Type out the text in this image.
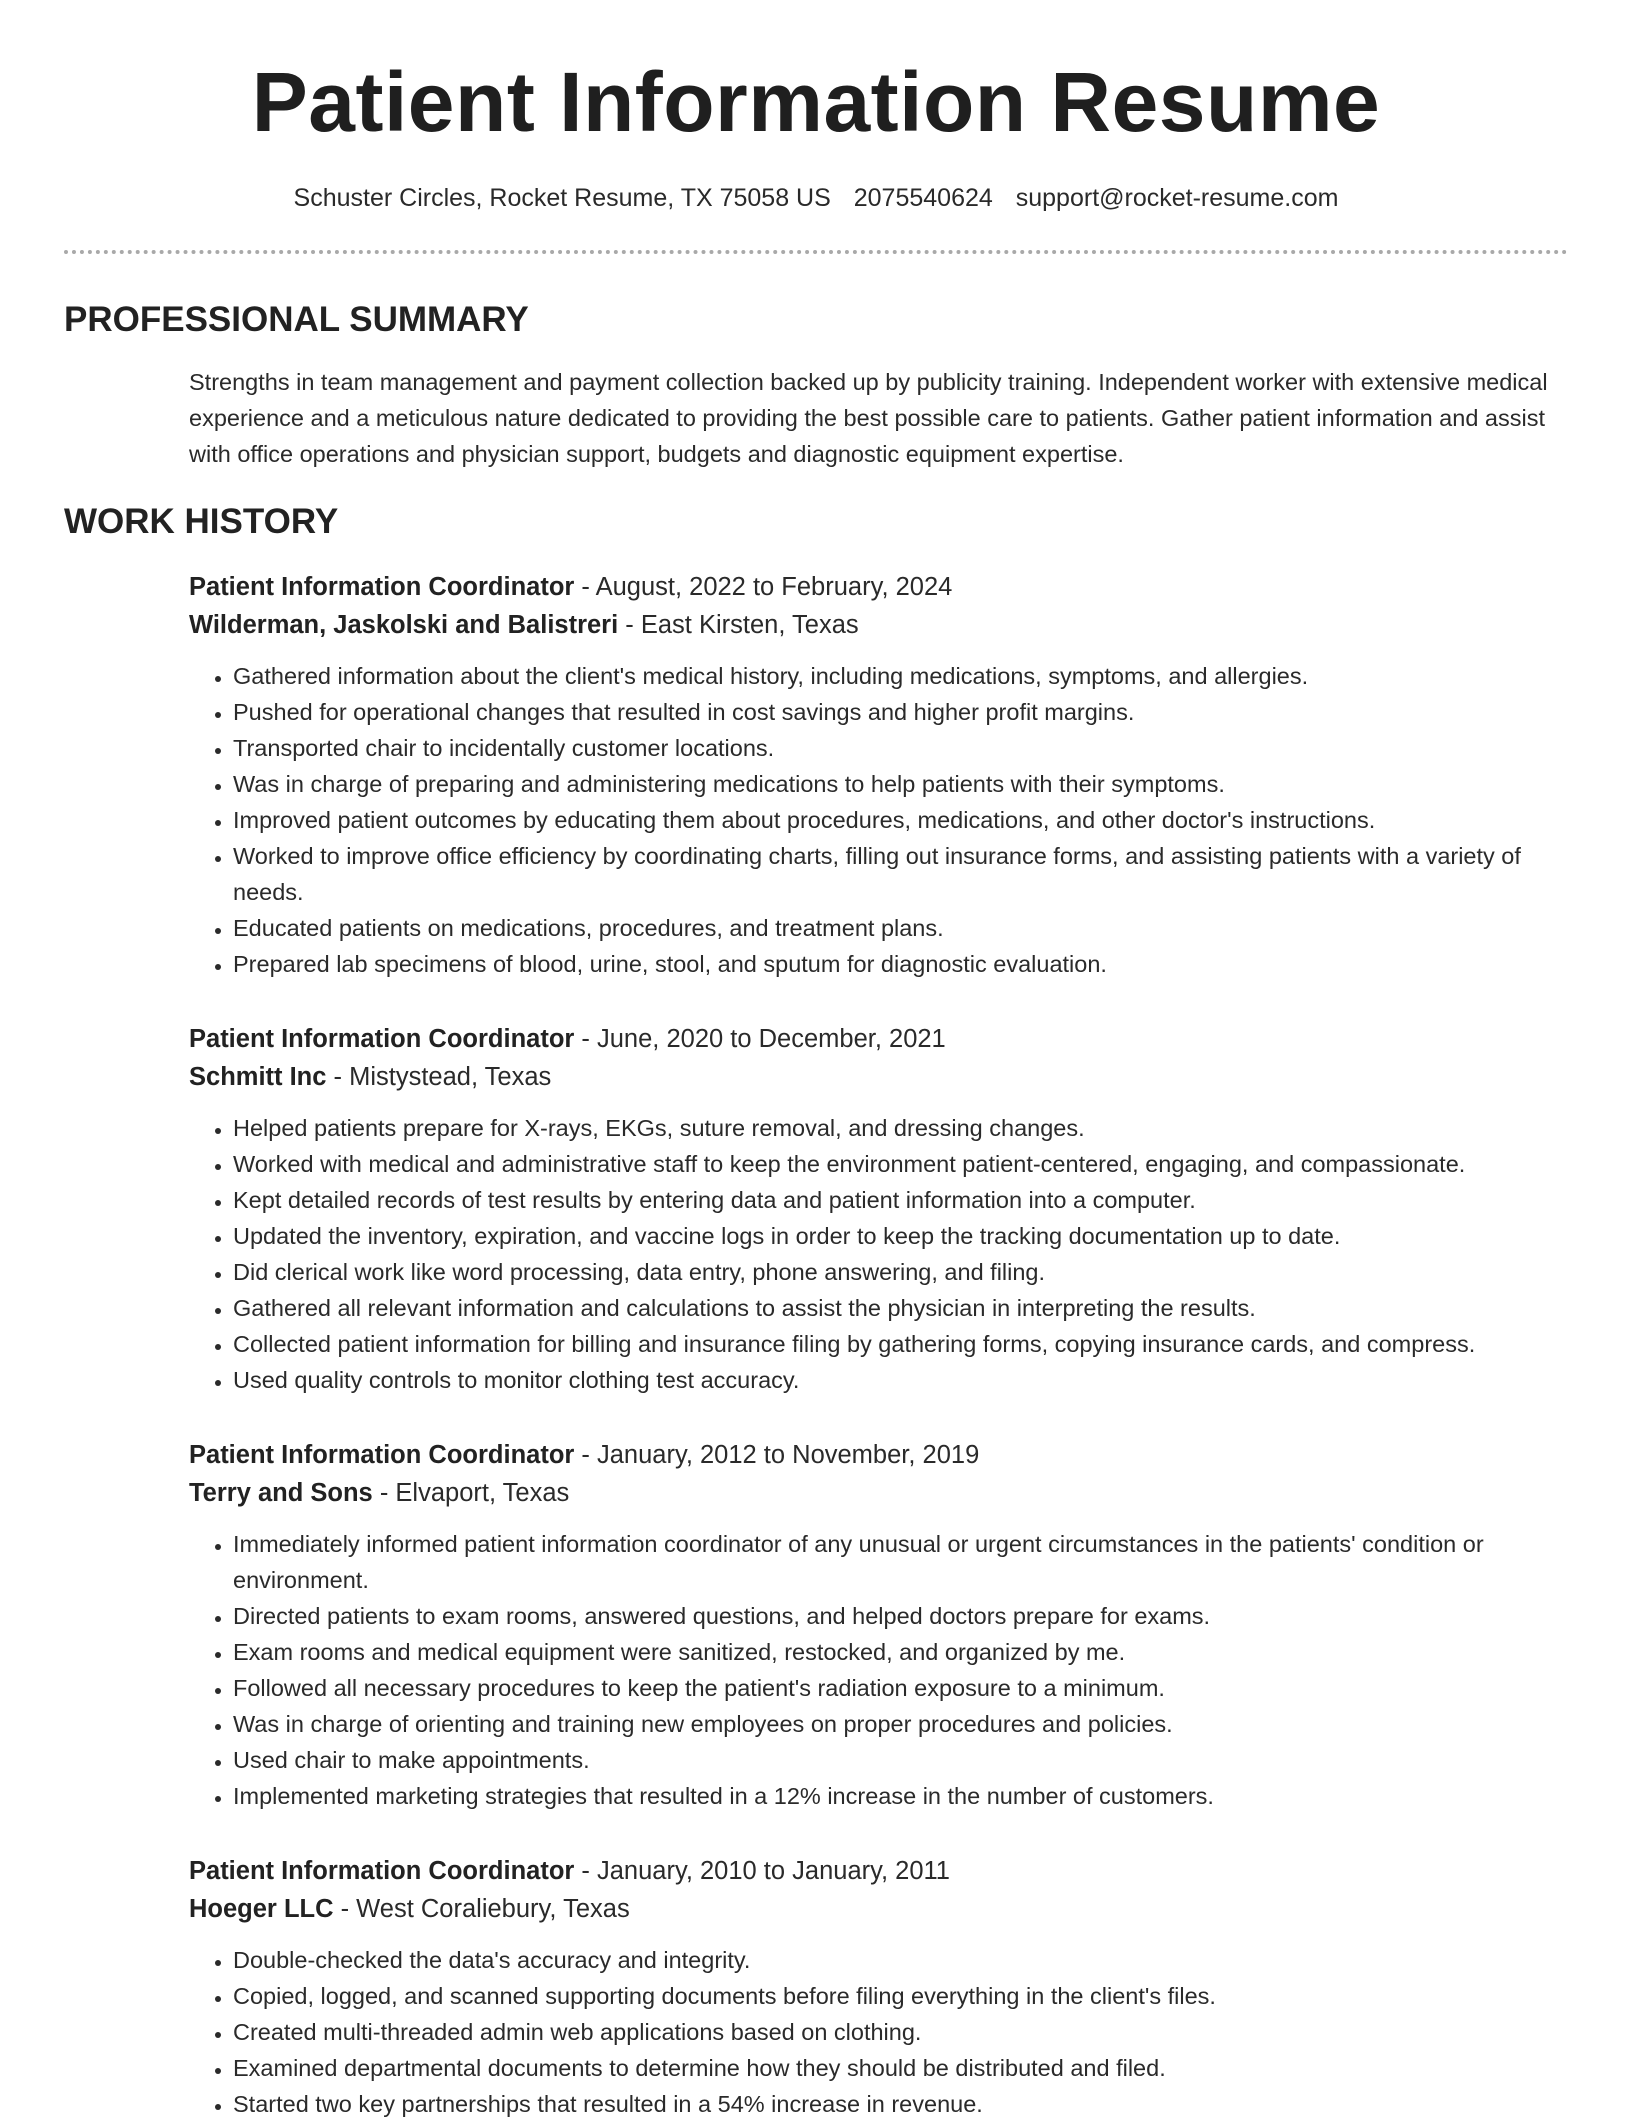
Patient Information Resume
Schuster Circles, Rocket Resume, TX 75058 US 2075540624 support@rocket-resume.com
PROFESSIONAL SUMMARY
Strengths in team management and payment collection backed up by publicity training. Independent worker with extensive medical experience and a meticulous nature dedicated to providing the best possible care to patients. Gather patient information and assist with office operations and physician support, budgets and diagnostic equipment expertise.
WORK HISTORY
Patient Information Coordinator - August, 2022 to February, 2024
Wilderman, Jaskolski and Balistreri - East Kirsten, Texas
• Gathered information about the client's medical history, including medications, symptoms, and allergies.
• Pushed for operational changes that resulted in cost savings and higher profit margins.
• Transported chair to incidentally customer locations.
• Was in charge of preparing and administering medications to help patients with their symptoms.
• Improved patient outcomes by educating them about procedures, medications, and other doctor's instructions.
• Worked to improve office efficiency by coordinating charts, filling out insurance forms, and assisting patients with a variety of needs.
• Educated patients on medications, procedures, and treatment plans.
• Prepared lab specimens of blood, urine, stool, and sputum for diagnostic evaluation.
Patient Information Coordinator - June, 2020 to December, 2021
Schmitt Inc - Mistystead, Texas
• Helped patients prepare for X-rays, EKGs, suture removal, and dressing changes.
• Worked with medical and administrative staff to keep the environment patient-centered, engaging, and compassionate.
• Kept detailed records of test results by entering data and patient information into a computer.
• Updated the inventory, expiration, and vaccine logs in order to keep the tracking documentation up to date.
• Did clerical work like word processing, data entry, phone answering, and filing.
• Gathered all relevant information and calculations to assist the physician in interpreting the results.
• Collected patient information for billing and insurance filing by gathering forms, copying insurance cards, and compress.
• Used quality controls to monitor clothing test accuracy.
Patient Information Coordinator - January, 2012 to November, 2019
Terry and Sons - Elvaport, Texas
• Immediately informed patient information coordinator of any unusual or urgent circumstances in the patients' condition or environment.
• Directed patients to exam rooms, answered questions, and helped doctors prepare for exams.
• Exam rooms and medical equipment were sanitized, restocked, and organized by me.
• Followed all necessary procedures to keep the patient's radiation exposure to a minimum.
• Was in charge of orienting and training new employees on proper procedures and policies.
• Used chair to make appointments.
• Implemented marketing strategies that resulted in a 12% increase in the number of customers.
Patient Information Coordinator - January, 2010 to January, 2011
Hoeger LLC - West Coraliebury, Texas
• Double-checked the data's accuracy and integrity.
• Copied, logged, and scanned supporting documents before filing everything in the client's files.
• Created multi-threaded admin web applications based on clothing.
• Examined departmental documents to determine how they should be distributed and filed.
• Started two key partnerships that resulted in a 54% increase in revenue.
